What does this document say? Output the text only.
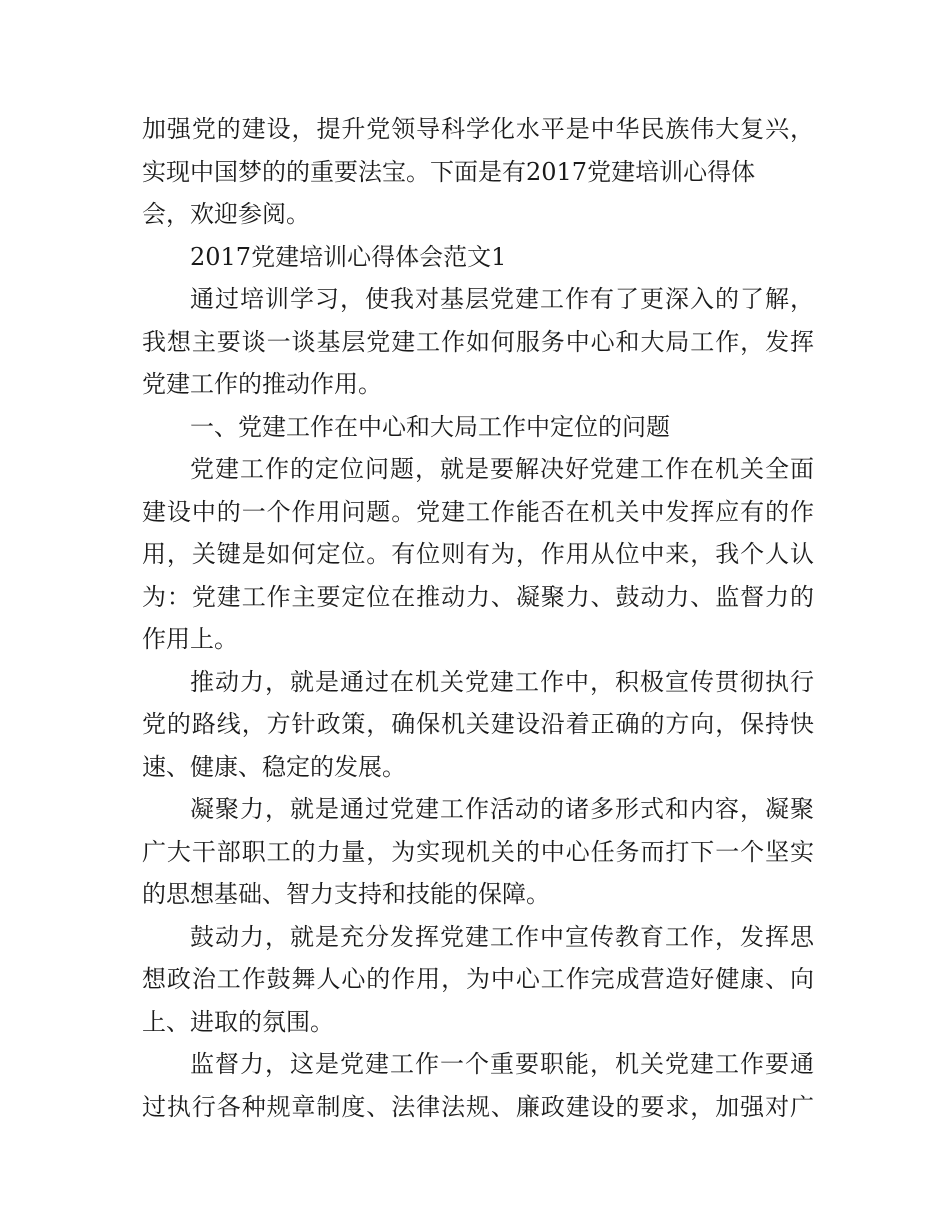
加强党的建设，提升党领导科学化水平是中华民族伟大复兴，
实现中国梦的的重要法宝。下面是有2017党建培训心得体
会，欢迎参阅。
2017党建培训心得体会范文1
通过培训学习，使我对基层党建工作有了更深入的了解，
我想主要谈一谈基层党建工作如何服务中心和大局工作，发挥
党建工作的推动作用。
一、党建工作在中心和大局工作中定位的问题
党建工作的定位问题，就是要解决好党建工作在机关全面
建设中的一个作用问题。党建工作能否在机关中发挥应有的作
用，关键是如何定位。有位则有为，作用从位中来，我个人认
为：党建工作主要定位在推动力、凝聚力、鼓动力、监督力的
作用上。
推动力，就是通过在机关党建工作中，积极宣传贯彻执行
党的路线，方针政策，确保机关建设沿着正确的方向，保持快
速、健康、稳定的发展。
凝聚力，就是通过党建工作活动的诸多形式和内容，凝聚
广大干部职工的力量，为实现机关的中心任务而打下一个坚实
的思想基础、智力支持和技能的保障。
鼓动力，就是充分发挥党建工作中宣传教育工作，发挥思
想政治工作鼓舞人心的作用，为中心工作完成营造好健康、向
上、进取的氛围。
监督力，这是党建工作一个重要职能，机关党建工作要通
过执行各种规章制度、法律法规、廉政建设的要求，加强对广
